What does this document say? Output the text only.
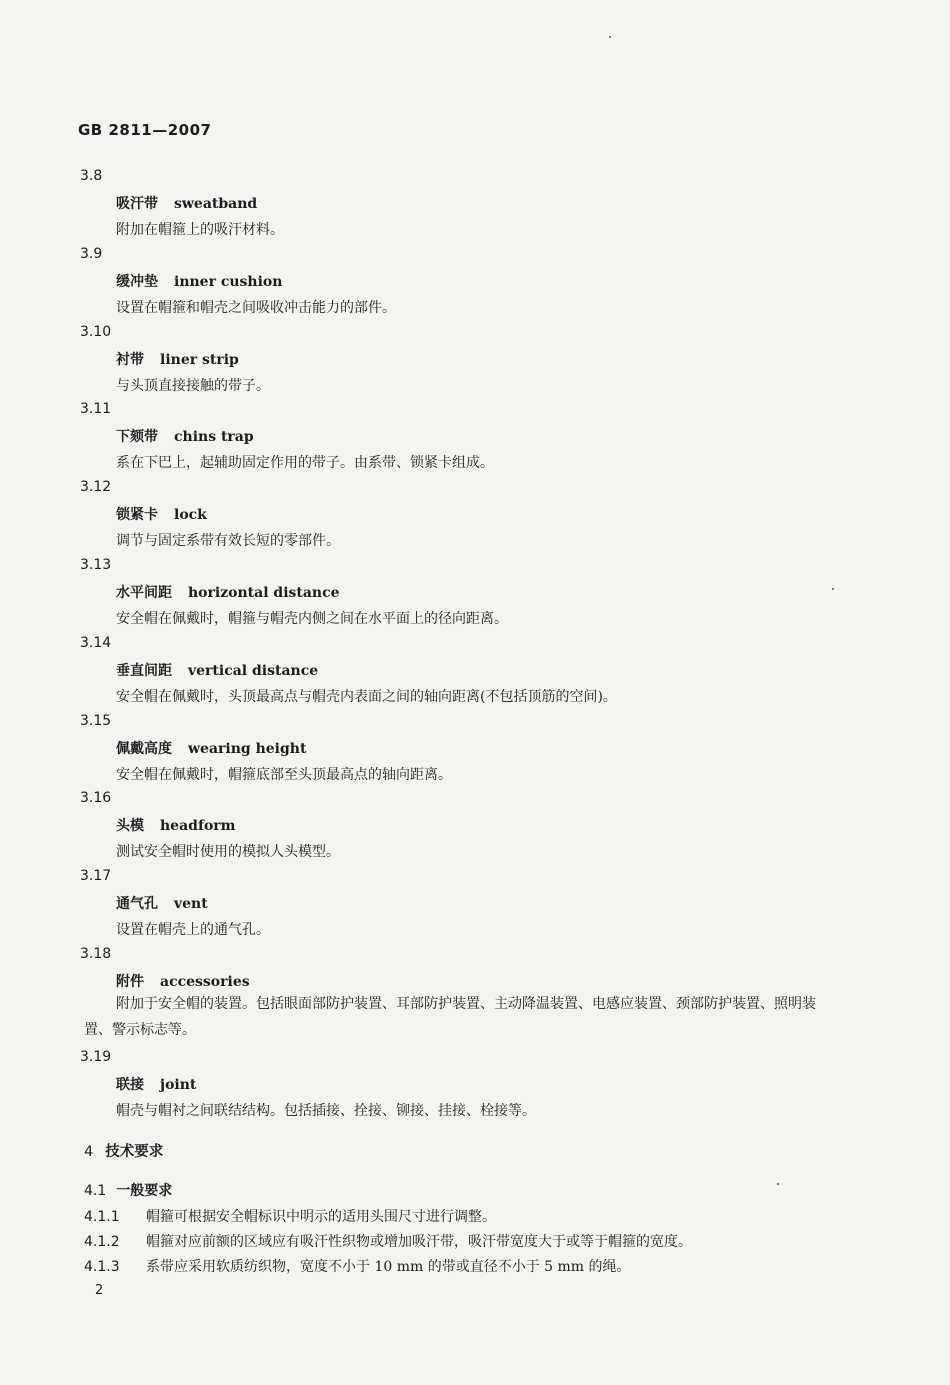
GB 2811—2007
3.8
吸汗带 sweatband
附加在帽箍上的吸汗材料。
3.9
缓冲垫 inner cushion
设置在帽箍和帽壳之间吸收冲击能力的部件。
3.10
衬带 liner strip
与头顶直接接触的带子。
3.11
下颏带 chins trap
系在下巴上，起辅助固定作用的带子。由系带、锁紧卡组成。
3.12
锁紧卡 lock
调节与固定系带有效长短的零部件。
3.13
水平间距 horizontal distance
安全帽在佩戴时，帽箍与帽壳内侧之间在水平面上的径向距离。
3.14
垂直间距 vertical distance
安全帽在佩戴时，头顶最高点与帽壳内表面之间的轴向距离(不包括顶筋的空间)。
3.15
佩戴高度 wearing height
安全帽在佩戴时，帽箍底部至头顶最高点的轴向距离。
3.16
头模 headform
测试安全帽时使用的模拟人头模型。
3.17
通气孔 vent
设置在帽壳上的通气孔。
3.18
附件 accessories
附加于安全帽的装置。包括眼面部防护装置、耳部防护装置、主动降温装置、电感应装置、颈部防护装置、照明装置、警示标志等。
3.19
联接 joint
帽壳与帽衬之间联结结构。包括插接、拴接、铆接、挂接、栓接等。
4 技术要求
4.1 一般要求
4.1.1 帽箍可根据安全帽标识中明示的适用头围尺寸进行调整。
4.1.2 帽箍对应前额的区域应有吸汗性织物或增加吸汗带，吸汗带宽度大于或等于帽箍的宽度。
4.1.3 系带应采用软质纺织物，宽度不小于 10 mm 的带或直径不小于 5 mm 的绳。
2
